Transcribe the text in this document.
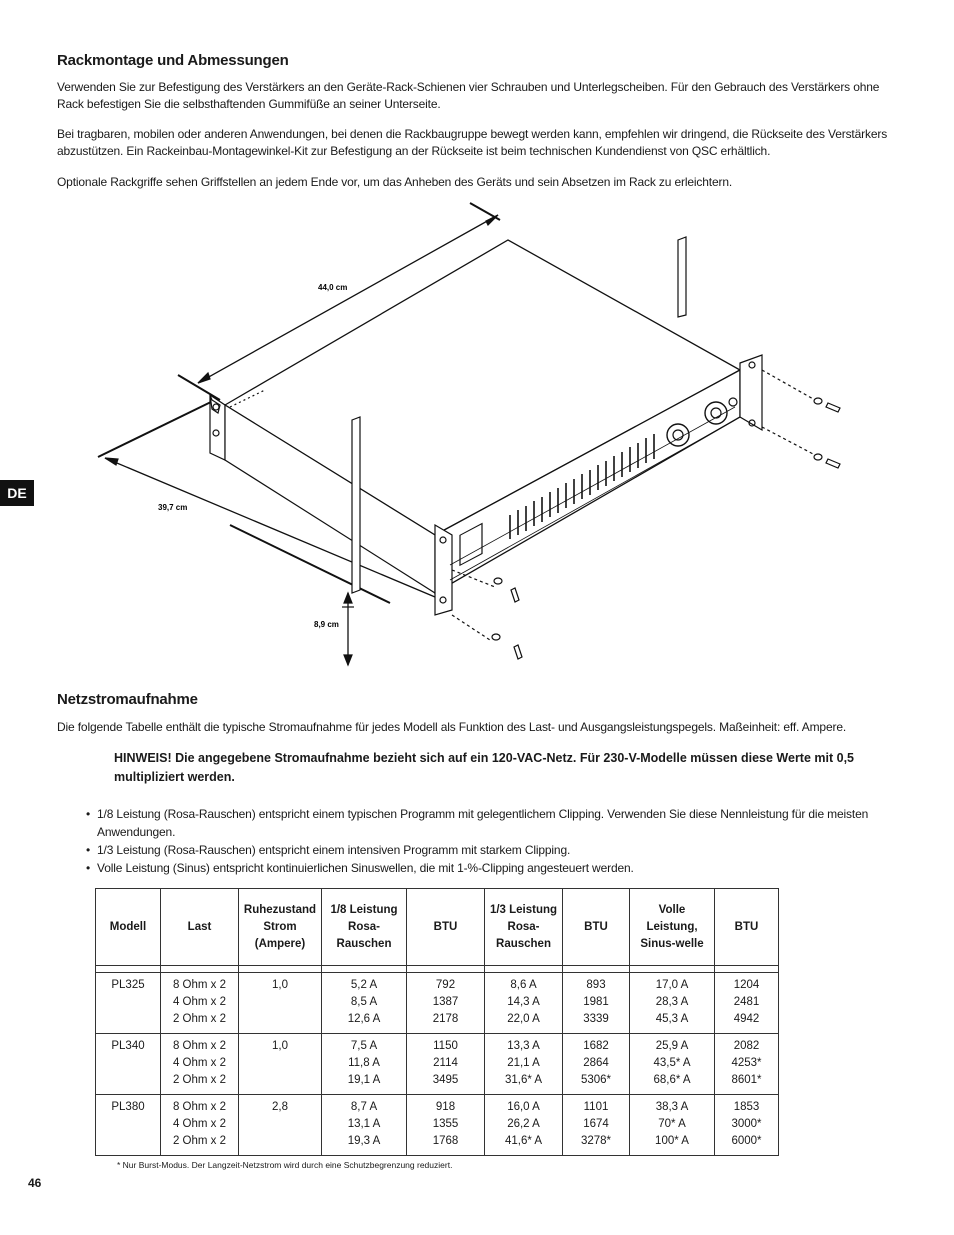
Rackmontage und Abmessungen

Verwenden Sie zur Befestigung des Verstärkers an den Geräte-Rack-Schienen vier Schrauben und Unterlegscheiben. Für den Gebrauch des Verstärkers ohne Rack befestigen Sie die selbsthaftenden Gummifüße an seiner Unterseite.

Bei tragbaren, mobilen oder anderen Anwendungen, bei denen die Rackbaugruppe bewegt werden kann, empfehlen wir dringend, die Rückseite des Verstärkers abzustützen. Ein Rackeinbau-Montagewinkel-Kit zur Befestigung an der Rückseite ist beim technischen Kundendienst von QSC erhältlich.

Optionale Rackgriffe sehen Griffstellen an jedem Ende vor, um das Anheben des Geräts und sein Absetzen im Rack zu erleichtern.

DE
44,0 cm
39,7 cm
8,9 cm
Netzstromaufnahme

Die folgende Tabelle enthält die typische Stromaufnahme für jedes Modell als Funktion des Last- und Ausgangsleistungspegels. Maßeinheit: eff. Ampere.

HINWEIS! Die angegebene Stromaufnahme bezieht sich auf ein 120-VAC-Netz. Für 230-V-Modelle müssen diese Werte mit 0,5 multipliziert werden.

• 1/8 Leistung (Rosa-Rauschen) entspricht einem typischen Programm mit gelegentlichem Clipping. Verwenden Sie diese Nennleistung für die meisten Anwendungen.
• 1/3 Leistung (Rosa-Rauschen) entspricht einem intensiven Programm mit starkem Clipping.
• Volle Leistung (Sinus) entspricht kontinuierlichen Sinuswellen, die mit 1-%-Clipping angesteuert werden.
Modell	Last	Ruhezustand Strom (Ampere)	1/8 Leistung Rosa-Rauschen	BTU	1/3 Leistung Rosa-Rauschen	BTU	Volle Leistung, Sinus-welle	BTU

PL325	8 Ohm x 2
4 Ohm x 2
2 Ohm x 2	1,0	5,2 A
8,5 A
12,6 A	792
1387
2178	8,6 A
14,3 A
22,0 A	893
1981
3339	17,0 A
28,3 A
45,3 A	1204
2481
4942

PL340	8 Ohm x 2
4 Ohm x 2
2 Ohm x 2	1,0	7,5 A
11,8 A
19,1 A	1150
2114
3495	13,3 A
21,1 A
31,6* A	1682
2864
5306*	25,9 A
43,5* A
68,6* A	2082
4253*
8601*

PL380	8 Ohm x 2
4 Ohm x 2
2 Ohm x 2	2,8	8,7 A
13,1 A
19,3 A	918
1355
1768	16,0 A
26,2 A
41,6* A	1101
1674
3278*	38,3 A
70* A
100* A	1853
3000*
6000*

* Nur Burst-Modus. Der Langzeit-Netzstrom wird durch eine Schutzbegrenzung reduziert.

46
